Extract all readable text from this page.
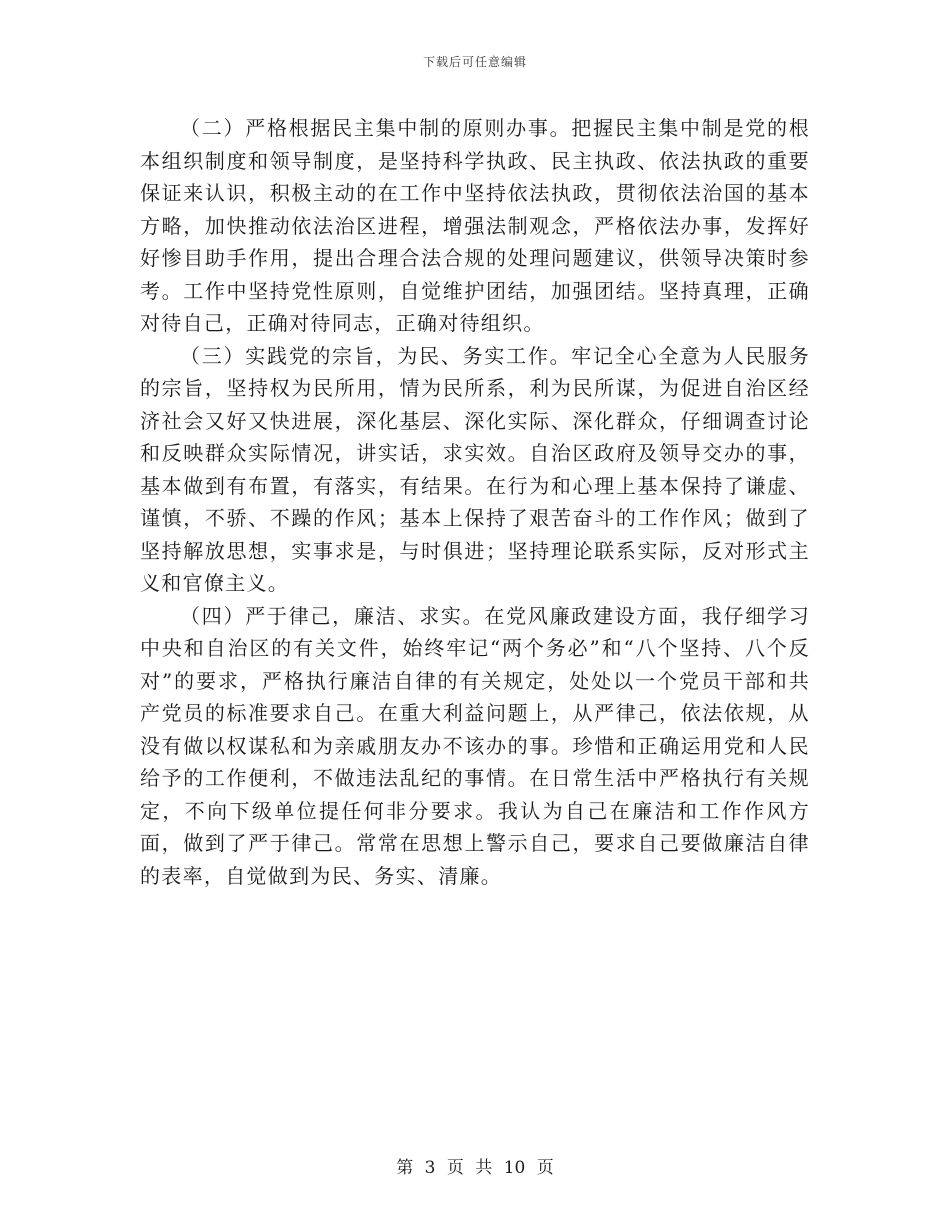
下载后可任意编辑

（二）严格根据民主集中制的原则办事。把握民主集中制是党的根本组织制度和领导制度，是坚持科学执政、民主执政、依法执政的重要保证来认识，积极主动的在工作中坚持依法执政，贯彻依法治国的基本方略，加快推动依法治区进程，增强法制观念，严格依法办事，发挥好好惨目助手作用，提出合理合法合规的处理问题建议，供领导决策时参考。工作中坚持党性原则，自觉维护团结，加强团结。坚持真理，正确对待自己，正确对待同志，正确对待组织。

（三）实践党的宗旨，为民、务实工作。牢记全心全意为人民服务的宗旨，坚持权为民所用，情为民所系，利为民所谋，为促进自治区经济社会又好又快进展，深化基层、深化实际、深化群众，仔细调查讨论和反映群众实际情况，讲实话，求实效。自治区政府及领导交办的事，基本做到有布置，有落实，有结果。在行为和心理上基本保持了谦虚、谨慎，不骄、不躁的作风；基本上保持了艰苦奋斗的工作作风；做到了坚持解放思想，实事求是，与时俱进；坚持理论联系实际，反对形式主义和官僚主义。

（四）严于律己，廉洁、求实。在党风廉政建设方面，我仔细学习中央和自治区的有关文件，始终牢记“两个务必”和“八个坚持、八个反对”的要求，严格执行廉洁自律的有关规定，处处以一个党员干部和共产党员的标准要求自己。在重大利益问题上，从严律己，依法依规，从没有做以权谋私和为亲戚朋友办不该办的事。珍惜和正确运用党和人民给予的工作便利，不做违法乱纪的事情。在日常生活中严格执行有关规定，不向下级单位提任何非分要求。我认为自己在廉洁和工作作风方面，做到了严于律己。常常在思想上警示自己，要求自己要做廉洁自律的表率，自觉做到为民、务实、清廉。

第 3 页 共 10 页
